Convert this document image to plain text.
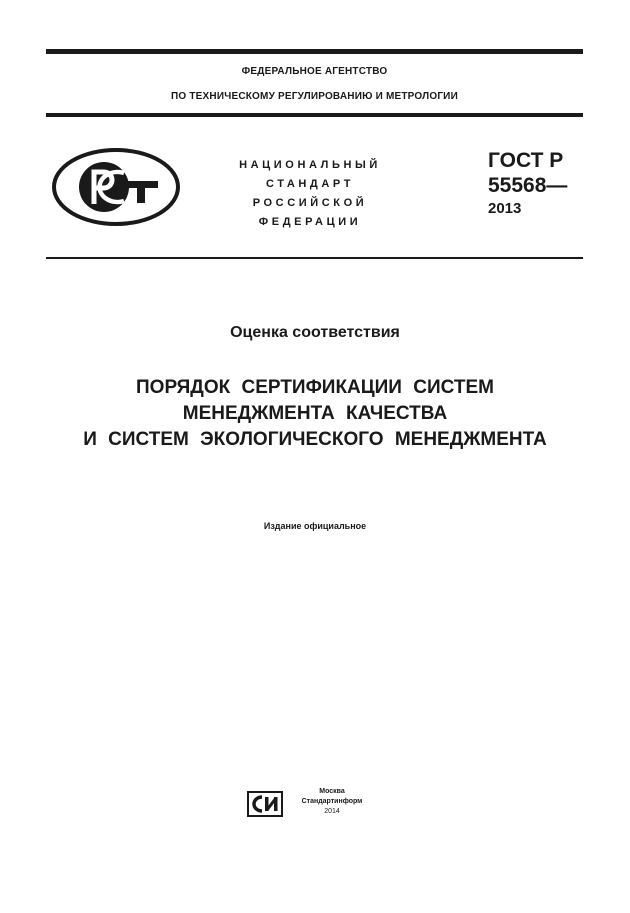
ФЕДЕРАЛЬНОЕ АГЕНТСТВО
ПО ТЕХНИЧЕСКОМУ РЕГУЛИРОВАНИЮ И МЕТРОЛОГИИ
НАЦИОНАЛЬНЫЙ
СТАНДАРТ
РОССИЙСКОЙ
ФЕДЕРАЦИИ
ГОСТ Р
55568—
2013
Оценка соответствия
ПОРЯДОК СЕРТИФИКАЦИИ СИСТЕМ
МЕНЕДЖМЕНТА КАЧЕСТВА
И СИСТЕМ ЭКОЛОГИЧЕСКОГО МЕНЕДЖМЕНТА
Издание официальное
Москва
Стандартинформ
2014
